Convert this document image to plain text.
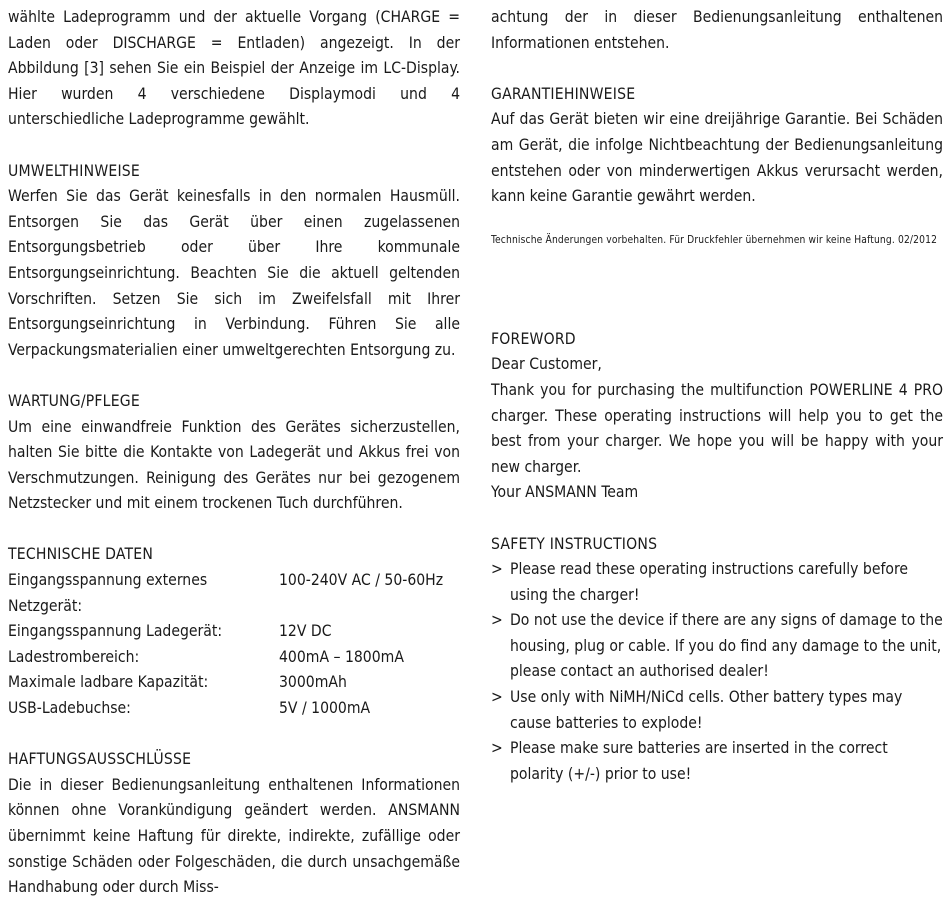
wählte Ladeprogramm und der aktuelle Vorgang (CHARGE = Laden oder DISCHARGE = Entladen) angezeigt. In der Abbildung [3] sehen Sie ein Beispiel der Anzeige im LC-Display. Hier wurden 4 verschiedene Displaymodi und 4 unterschiedliche Ladeprogramme gewählt.

UMWELTHINWEISE

Werfen Sie das Gerät keinesfalls in den normalen Hausmüll. Entsorgen Sie das Gerät über einen zugelassenen Entsorgungsbetrieb oder über Ihre kommunale Entsorgungseinrichtung. Beachten Sie die aktuell geltenden Vorschriften. Setzen Sie sich im Zweifelsfall mit Ihrer Entsorgungseinrichtung in Verbindung. Führen Sie alle Verpackungsmaterialien einer umweltgerechten Entsorgung zu.

WARTUNG/PFLEGE

Um eine einwandfreie Funktion des Gerätes sicherzustellen, halten Sie bitte die Kontakte von Ladegerät und Akkus frei von Verschmutzungen. Reinigung des Gerätes nur bei gezogenem Netzstecker und mit einem trockenen Tuch durchführen.

TECHNISCHE DATEN

Eingangsspannung externes Netzgerät:
100-240V AC / 50-60Hz
Eingangsspannung Ladegerät:	12V DC
Ladestrombereich:	400mA – 1800mA
Maximale ladbare Kapazität:	3000mAh
USB-Ladebuchse:	5V / 1000mA

HAFTUNGSAUSSCHLÜSSE

Die in dieser Bedienungsanleitung enthaltenen Informationen können ohne Vorankündigung geändert werden. ANSMANN übernimmt keine Haftung für direkte, indirekte, zufällige oder sonstige Schäden oder Folgeschäden, die durch unsachgemäße Handhabung oder durch Miss-

achtung der in dieser Bedienungsanleitung enthaltenen Informationen entstehen.

GARANTIEHINWEISE

Auf das Gerät bieten wir eine dreijährige Garantie. Bei Schäden am Gerät, die infolge Nichtbeachtung der Bedienungsanleitung entstehen oder von minderwertigen Akkus verursacht werden, kann keine Garantie gewährt werden.

Technische Änderungen vorbehalten. Für Druckfehler übernehmen wir keine Haftung. 02/2012

FOREWORD

Dear Customer,

Thank you for purchasing the multifunction POWERLINE 4 PRO charger. These operating instructions will help you to get the best from your charger. We hope you will be happy with your new charger.

Your ANSMANN Team

SAFETY INSTRUCTIONS

> Please read these operating instructions carefully before using the charger!
> Do not use the device if there are any signs of damage to the housing, plug or cable. If you do find any damage to the unit, please contact an authorised dealer!
> Use only with NiMH/NiCd cells. Other battery types may cause batteries to explode!
> Please make sure batteries are inserted in the correct polarity (+/-) prior to use!
